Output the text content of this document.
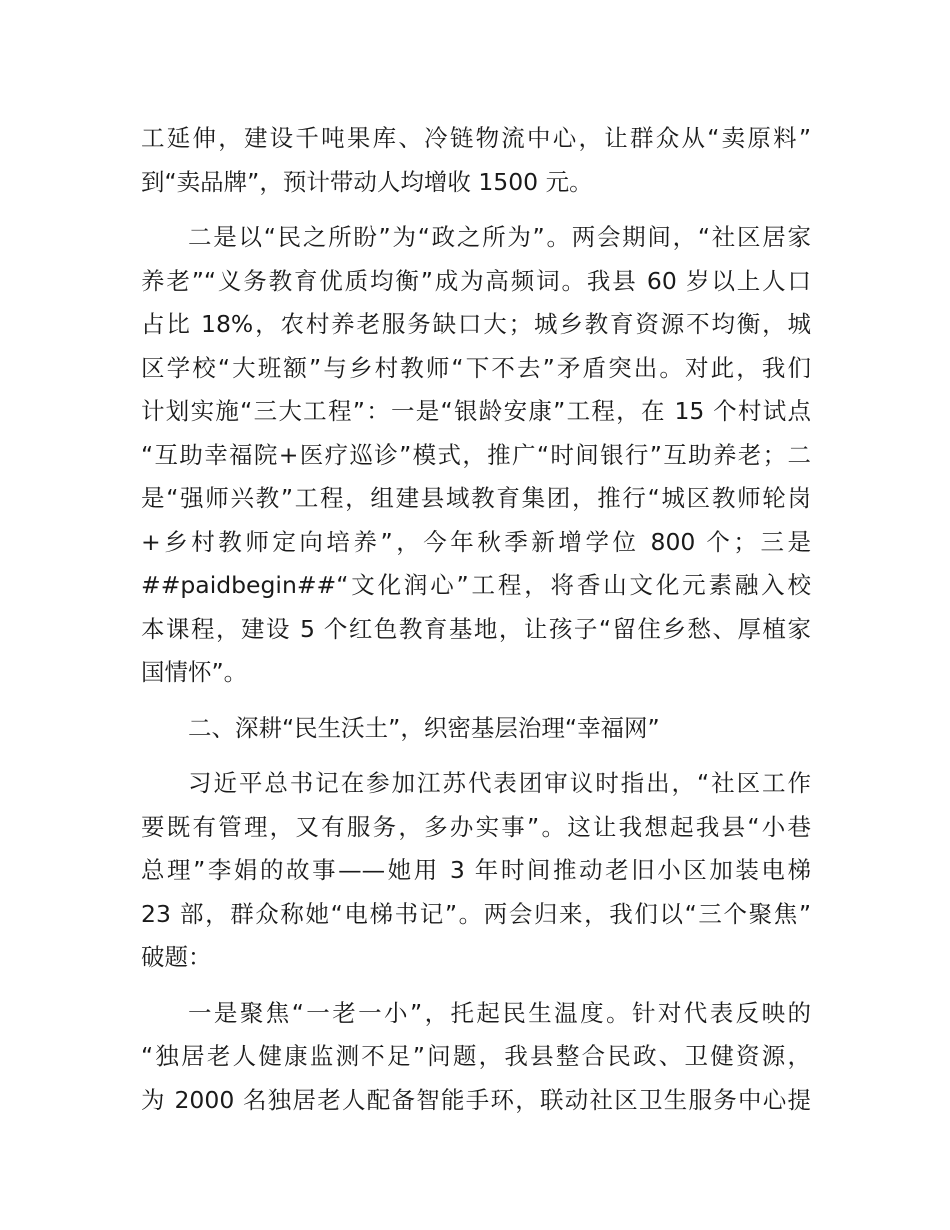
工延伸，建设千吨果库、冷链物流中心，让群众从“卖原料”
到“卖品牌”，预计带动人均增收 1500 元。
二是以“民之所盼”为“政之所为”。两会期间，“社区居家
养老”“义务教育优质均衡”成为高频词。我县 60 岁以上人口
占比 18%，农村养老服务缺口大；城乡教育资源不均衡，城
区学校“大班额”与乡村教师“下不去”矛盾突出。对此，我们
计划实施“三大工程”：一是“银龄安康”工程，在 15 个村试点
“互助幸福院+医疗巡诊”模式，推广“时间银行”互助养老；二
是“强师兴教”工程，组建县域教育集团，推行“城区教师轮岗
+乡村教师定向培养”，今年秋季新增学位 800 个；三是
##paidbegin##“文化润心”工程，将香山文化元素融入校
本课程，建设 5 个红色教育基地，让孩子“留住乡愁、厚植家
国情怀”。
二、深耕“民生沃土”，织密基层治理“幸福网”
习近平总书记在参加江苏代表团审议时指出，“社区工作
要既有管理，又有服务，多办实事”。这让我想起我县“小巷
总理”李娟的故事——她用 3 年时间推动老旧小区加装电梯
23 部，群众称她“电梯书记”。两会归来，我们以“三个聚焦”
破题：
一是聚焦“一老一小”，托起民生温度。针对代表反映的
“独居老人健康监测不足”问题，我县整合民政、卫健资源，
为 2000 名独居老人配备智能手环，联动社区卫生服务中心提
